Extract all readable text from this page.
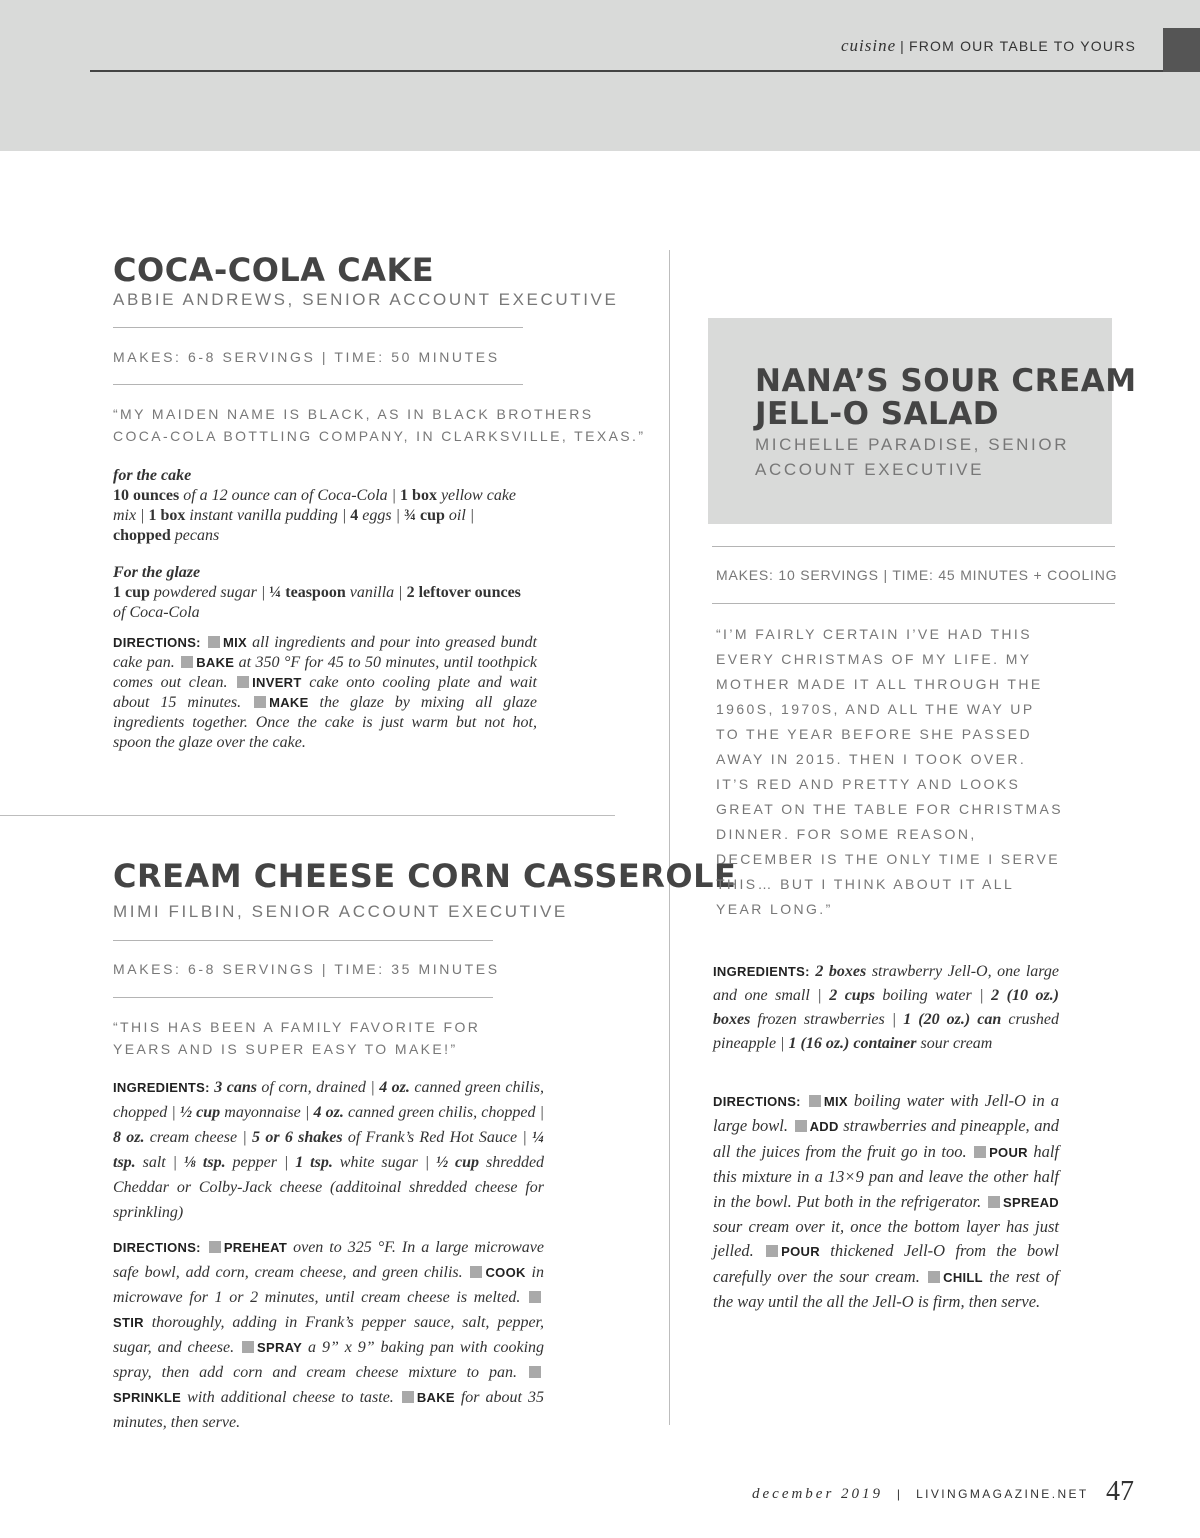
cuisine | FROM OUR TABLE TO YOURS
COCA-COLA CAKE
ABBIE ANDREWS, SENIOR ACCOUNT EXECUTIVE
MAKES: 6-8 SERVINGS | TIME: 50 MINUTES
“MY MAIDEN NAME IS BLACK, AS IN BLACK BROTHERS COCA-COLA BOTTLING COMPANY, IN CLARKSVILLE, TEXAS.”
for the cake
10 ounces of a 12 ounce can of Coca-Cola | 1 box yellow cake mix | 1 box instant vanilla pudding | 4 eggs | ¾ cup oil | chopped pecans
For the glaze
1 cup powdered sugar | ¼ teaspoon vanilla | 2 leftover ounces of Coca-Cola
DIRECTIONS: MIX all ingredients and pour into greased bundt cake pan. BAKE at 350 °F for 45 to 50 minutes, until toothpick comes out clean. INVERT cake onto cooling plate and wait about 15 minutes. MAKE the glaze by mixing all glaze ingredients together. Once the cake is just warm but not hot, spoon the glaze over the cake.
CREAM CHEESE CORN CASSEROLE
MIMI FILBIN, SENIOR ACCOUNT EXECUTIVE
MAKES: 6-8 SERVINGS | TIME: 35 MINUTES
“THIS HAS BEEN A FAMILY FAVORITE FOR YEARS AND IS SUPER EASY TO MAKE!”
INGREDIENTS: 3 cans of corn, drained | 4 oz. canned green chilis, chopped | ½ cup mayonnaise | 4 oz. canned green chilis, chopped | 8 oz. cream cheese | 5 or 6 shakes of Frank’s Red Hot Sauce | ¼ tsp. salt | ⅛ tsp. pepper | 1 tsp. white sugar | ½ cup shredded Cheddar or Colby-Jack cheese (additoinal shredded cheese for sprinkling)
DIRECTIONS: PREHEAT oven to 325 °F. In a large microwave safe bowl, add corn, cream cheese, and green chilis. COOK in microwave for 1 or 2 minutes, until cream cheese is melted. STIR thoroughly, adding in Frank’s pepper sauce, salt, pepper, sugar, and cheese. SPRAY a 9” x 9” baking pan with cooking spray, then add corn and cream cheese mixture to pan. SPRINKLE with additional cheese to taste. BAKE for about 35 minutes, then serve.
NANA’S SOUR CREAM
JELL-O SALAD
MICHELLE PARADISE, SENIOR
ACCOUNT EXECUTIVE
MAKES: 10 SERVINGS | TIME: 45 MINUTES + COOLING
“I’M FAIRLY CERTAIN I’VE HAD THIS
EVERY CHRISTMAS OF MY LIFE. MY
MOTHER MADE IT ALL THROUGH THE
1960S, 1970S, AND ALL THE WAY UP
TO THE YEAR BEFORE SHE PASSED
AWAY IN 2015. THEN I TOOK OVER.
IT’S RED AND PRETTY AND LOOKS
GREAT ON THE TABLE FOR CHRISTMAS
DINNER. FOR SOME REASON,
DECEMBER IS THE ONLY TIME I SERVE
THIS… BUT I THINK ABOUT IT ALL
YEAR LONG.”
INGREDIENTS: 2 boxes strawberry Jell-O, one large and one small | 2 cups boiling water | 2 (10 oz.) boxes frozen strawberries | 1 (20 oz.) can crushed pineapple | 1 (16 oz.) container sour cream
DIRECTIONS: MIX boiling water with Jell-O in a large bowl. ADD strawberries and pineapple, and all the juices from the fruit go in too. POUR half this mixture in a 13×9 pan and leave the other half in the bowl. Put both in the refrigerator. SPREAD sour cream over it, once the bottom layer has just jelled. POUR thickened Jell-O from the bowl carefully over the sour cream. CHILL the rest of the way until the all the Jell-O is firm, then serve.
december 2019 | LIVINGMAGAZINE.NET 47
